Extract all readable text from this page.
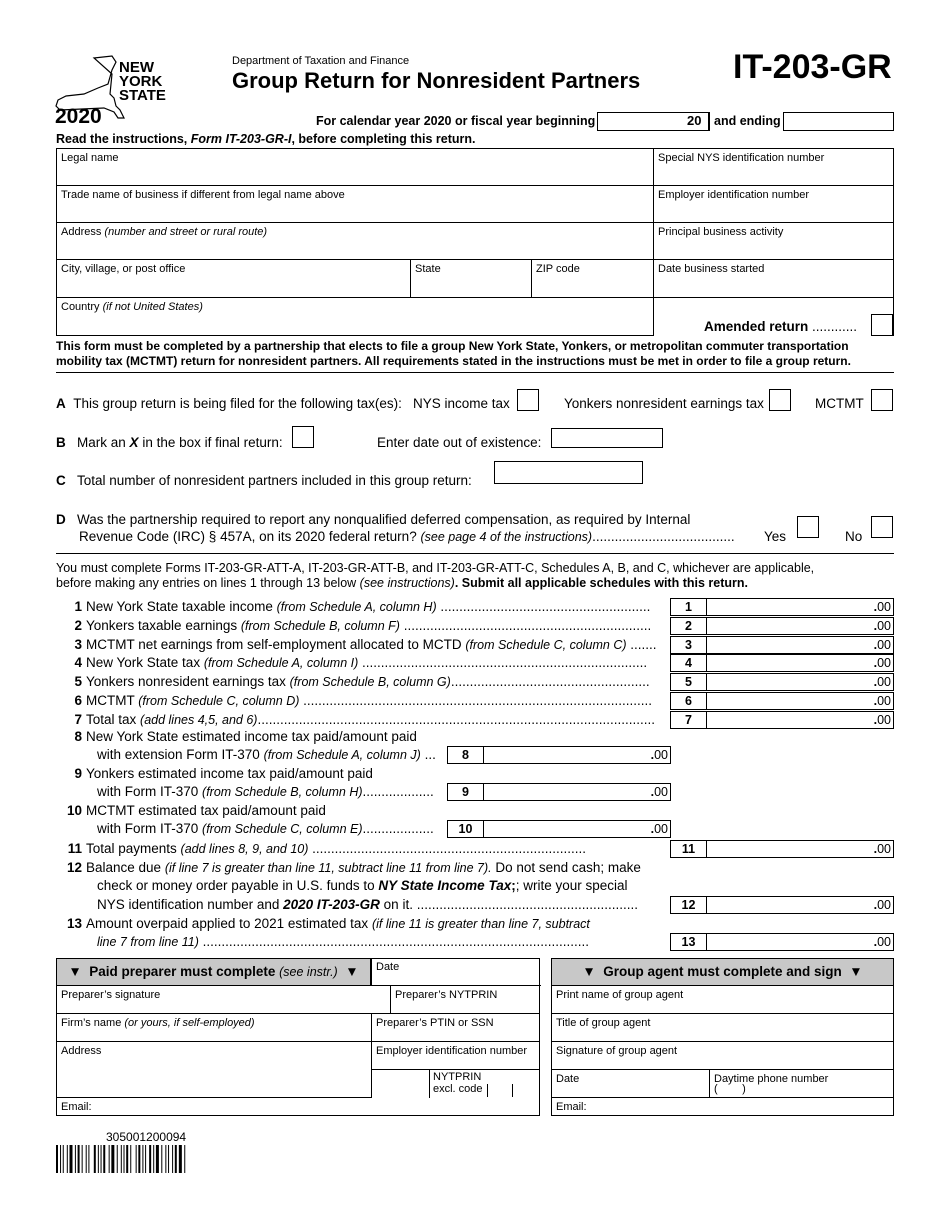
NEW
YORK
STATE
2020
Department of Taxation and Finance
Group Return for Nonresident Partners	IT-203-GR
For calendar year 2020 or fiscal year beginning	20 and ending
Read the instructions, Form IT-203-GR-I, before completing this return.
Legal name
Trade name of business if different from legal name above
Address (number and street or rural route)
City, village, or post office	State	ZIP code
Country (if not United States)
Special NYS identification number
Employer identification number
Principal business activity
Date business started
Amended return ............
This form must be completed by a partnership that elects to file a group New York State, Yonkers, or metropolitan commuter transportation mobility tax (MCTMT) return for nonresident partners. All requirements stated in the instructions must be met in order to file a group return.
A This group return is being filed for the following tax(es): NYS income tax	Yonkers nonresident earnings tax	MCTMT
B Mark an X in the box if final return:	Enter date out of existence:
C Total number of nonresident partners included in this group return:
D Was the partnership required to report any nonqualified deferred compensation, as required by Internal
Revenue Code (IRC) § 457A, on its 2020 federal return? (see page 4 of the instructions)...................................... Yes	No
You must complete Forms IT-203-GR-ATT-A, IT-203-GR-ATT-B, and IT-203-GR-ATT-C, Schedules A, B, and C, whichever are applicable,
before making any entries on lines 1 through 13 below (see instructions). Submit all applicable schedules with this return.
1 New York State taxable income (from Schedule A, column H) ........................................................	1	.00
2 Yonkers taxable earnings (from Schedule B, column F) ..................................................................	2	.00
3 MCTMT net earnings from self-employment allocated to MCTD (from Schedule C, column C) .......	3	.00
4 New York State tax (from Schedule A, column I) ............................................................................	4	.00
5 Yonkers nonresident earnings tax (from Schedule B, column G).....................................................	5	.00
6 MCTMT (from Schedule C, column D) .............................................................................................	6	.00
7 Total tax (add lines 4,5, and 6)..........................................................................................................	7	.00
8 New York State estimated income tax paid/amount paid
with extension Form IT-370 (from Schedule A, column J) ...	8	.00
9 Yonkers estimated income tax paid/amount paid
with Form IT-370 (from Schedule B, column H)...................	9	.00
10 MCTMT estimated tax paid/amount paid
with Form IT-370 (from Schedule C, column E)...................	10	.00
11 Total payments (add lines 8, 9, and 10) .........................................................................	11	.00
12 Balance due (if line 7 is greater than line 11, subtract line 11 from line 7). Do not send cash; make
check or money order payable in U.S. funds to NY State Income Tax;; write your special
NYS identification number and 2020 IT-203-GR on it. ...........................................................	12	.00
13 Amount overpaid applied to 2021 estimated tax (if line 11 is greater than line 7, subtract
line 7 from line 11) .......................................................................................................	13	.00
▼ Paid preparer must complete (see instr.) ▼	Date
Preparer’s signature	Preparer’s NYTPRIN
Firm’s name (or yours, if self-employed)	Preparer’s PTIN or SSN
Address	Employer identification number
NYTPRIN
excl. code
Email:
▼ Group agent must complete and sign ▼
Print name of group agent
Title of group agent
Signature of group agent
Date	Daytime phone number
(        )
Email:
305001200094
